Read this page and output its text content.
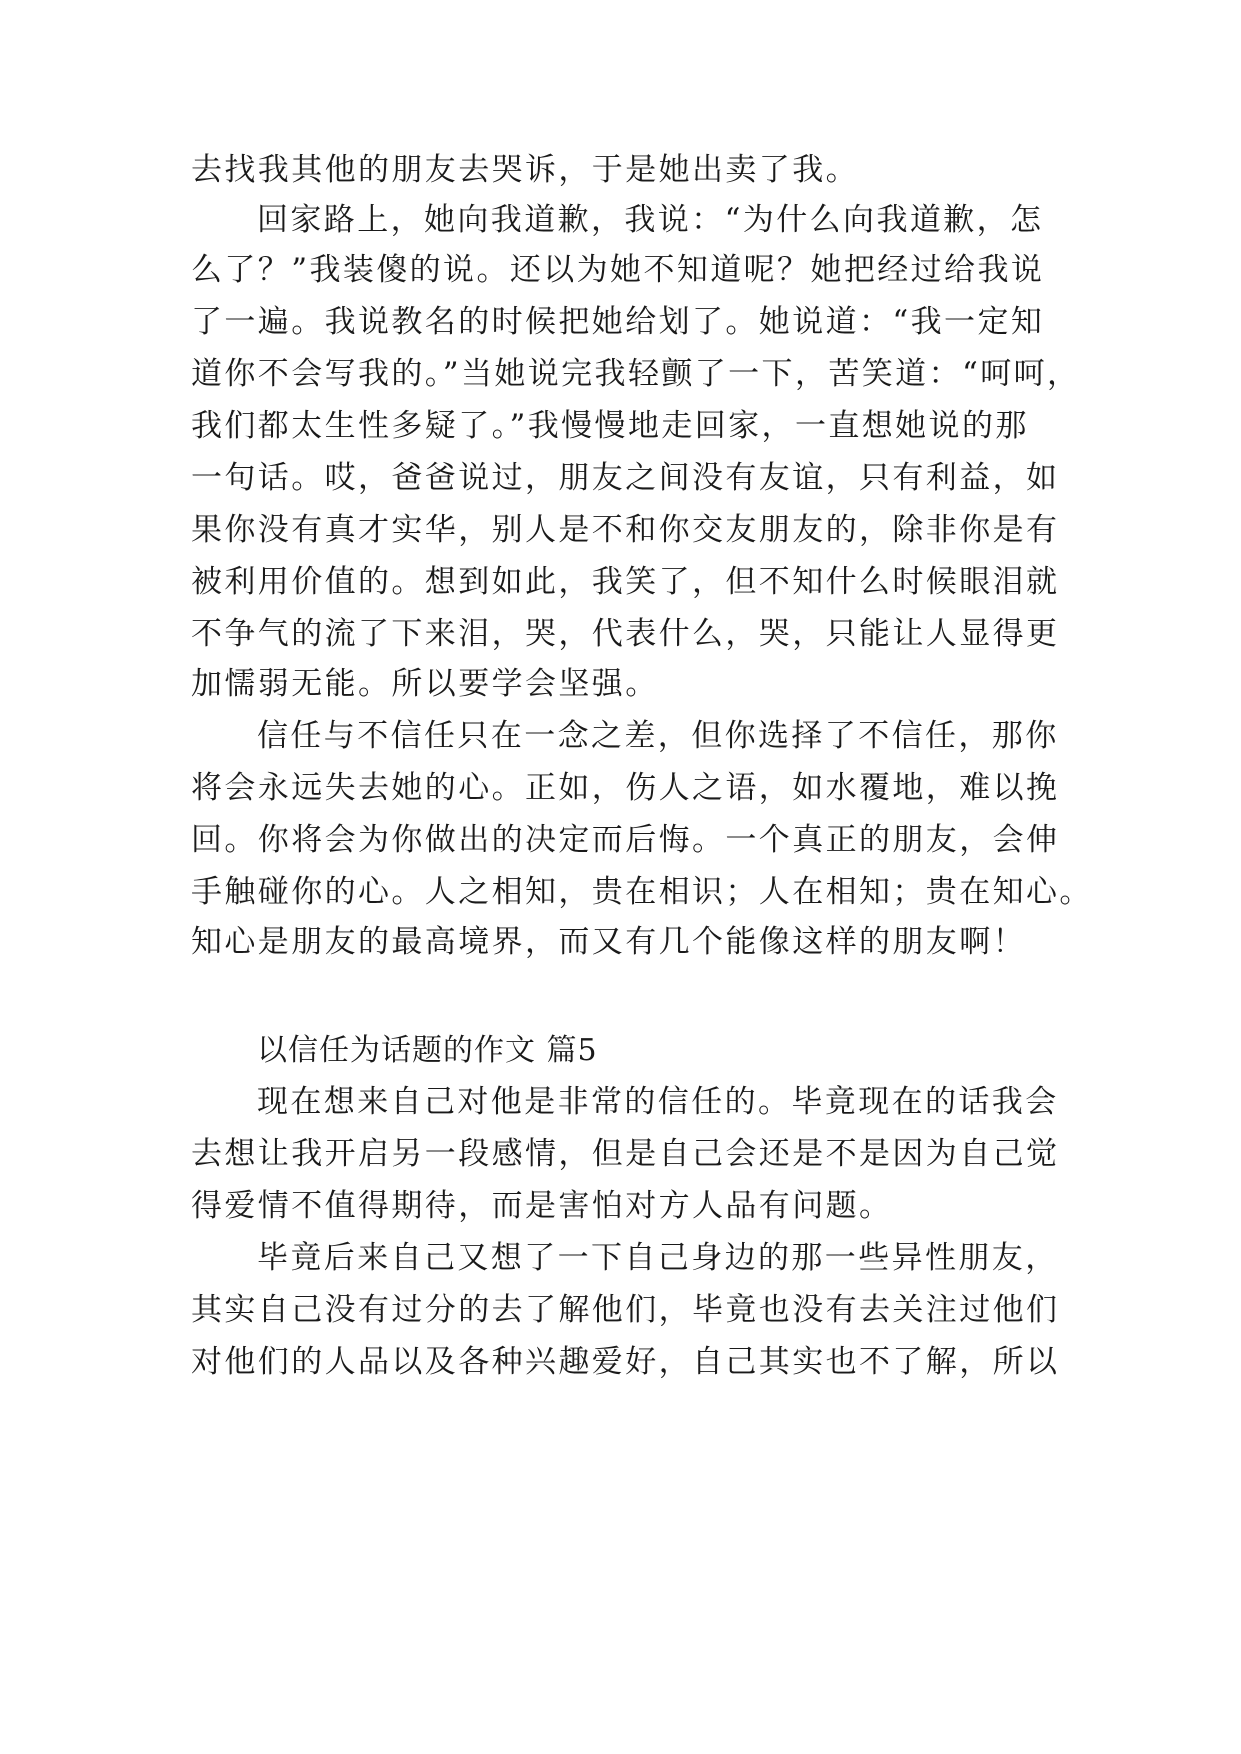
去找我其他的朋友去哭诉，于是她出卖了我。
回家路上，她向我道歉，我说：“为什么向我道歉，怎
么了？”我装傻的说。还以为她不知道呢？她把经过给我说
了一遍。我说教名的时候把她给划了。她说道：“我一定知
道你不会写我的。”当她说完我轻颤了一下，苦笑道：“呵呵，
我们都太生性多疑了。”我慢慢地走回家，一直想她说的那
一句话。哎，爸爸说过，朋友之间没有友谊，只有利益，如
果你没有真才实华，别人是不和你交友朋友的，除非你是有
被利用价值的。想到如此，我笑了，但不知什么时候眼泪就
不争气的流了下来泪，哭，代表什么，哭，只能让人显得更
加懦弱无能。所以要学会坚强。
信任与不信任只在一念之差，但你选择了不信任，那你
将会永远失去她的心。正如，伤人之语，如水覆地，难以挽
回。你将会为你做出的决定而后悔。一个真正的朋友，会伸
手触碰你的心。人之相知，贵在相识；人在相知；贵在知心。
知心是朋友的最高境界，而又有几个能像这样的朋友啊！
以信任为话题的作文 篇5
现在想来自己对他是非常的信任的。毕竟现在的话我会
去想让我开启另一段感情，但是自己会还是不是因为自己觉
得爱情不值得期待，而是害怕对方人品有问题。
毕竟后来自己又想了一下自己身边的那一些异性朋友，
其实自己没有过分的去了解他们，毕竟也没有去关注过他们
对他们的人品以及各种兴趣爱好，自己其实也不了解，所以
